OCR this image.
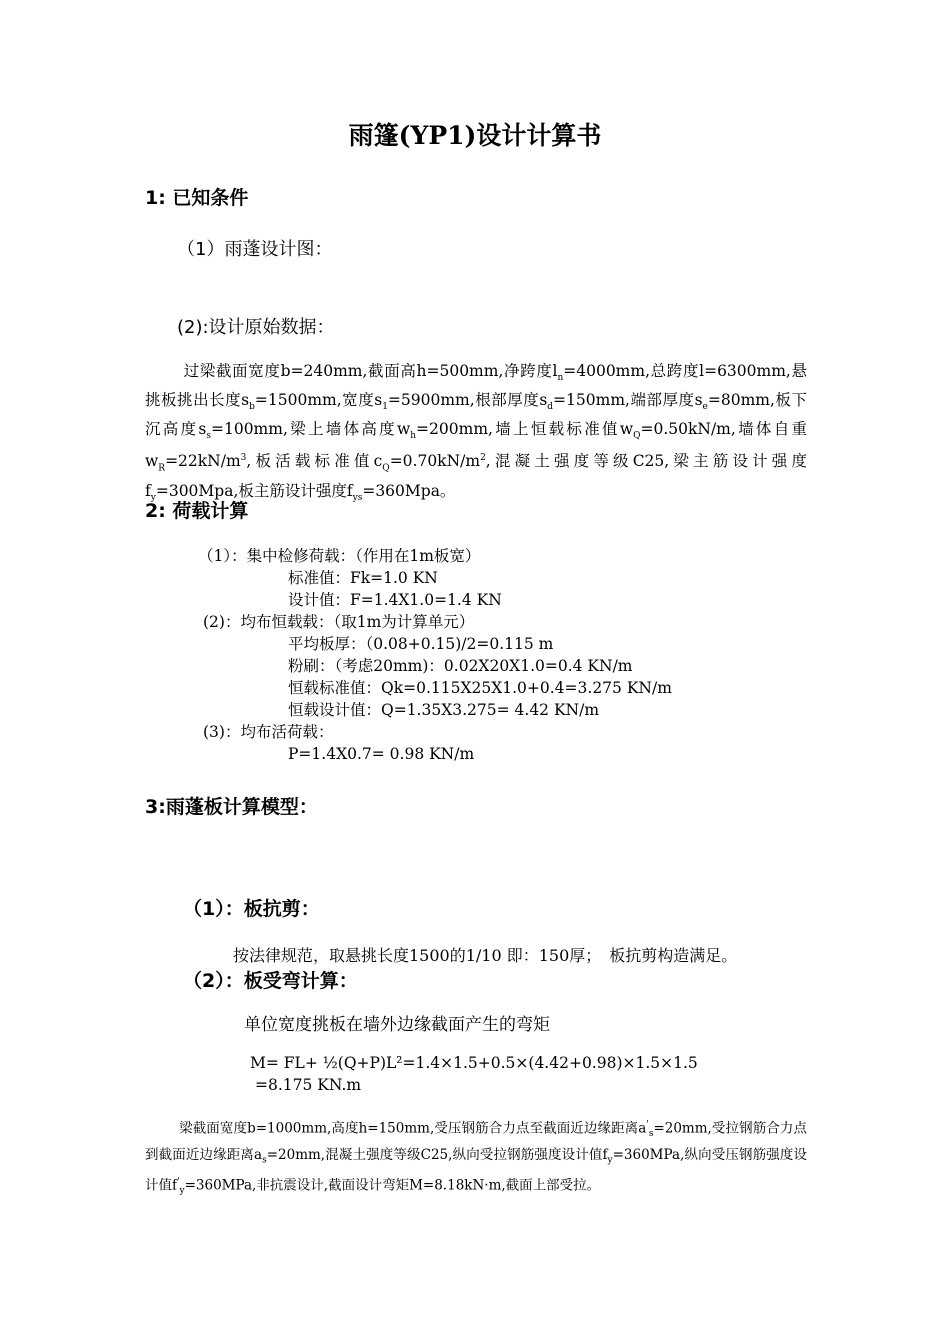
雨篷(YP1)设计计算书
1: 已知条件
（1）雨蓬设计图：
(2):设计原始数据：

过梁截面宽度b=240mm,截面高h=500mm,净跨度$l_n=4000mm$,总跨度l=6300mm,悬挑板挑出长度$s_b=1500mm$,宽度$s_1=5900mm$,根部厚度$s_d=150mm$,端部厚度$s_e=80mm$,板下沉高度$s_s=100mm$,梁上墙体高度$w_h=200mm$,墙上恒载标准值$w_Q=0.50kN/m$,墙体自重$w_R=22kN/m^3$,板活载标准值$c_Q=0.70kN/m^2$,混凝土强度等级C25,梁主筋设计强度$f_y=300Mpa$,板主筋设计强度$f_{ys}=360Mpa$。

2: 荷载计算
（1）：集中检修荷载：（作用在1m板宽）
标准值：Fk=1.0 KN
设计值：F=1.4X1.0=1.4 KN
(2)：均布恒载载：（取1m为计算单元）
平均板厚：（0.08+0.15)/2=0.115 m
粉刷：（考虑20mm)：0.02X20X1.0=0.4 KN/m
恒载标准值：Qk=0.115X25X1.0+0.4=3.275 KN/m
恒载设计值：Q=1.35X3.275= 4.42 KN/m
(3)：均布活荷载：
P=1.4X0.7= 0.98 KN/m
3:雨蓬板计算模型：
（1）：板抗剪：
按法律规范，取悬挑长度1500的1/10 即：150厚；　板抗剪构造满足。
（2）：板受弯计算：
单位宽度挑板在墙外边缘截面产生的弯矩
M= FL+ ½(Q+P)L²=1.4×1.5+0.5×(4.42+0.98)×1.5×1.5
=8.175 KN.m

梁截面宽度b=1000mm,高度h=150mm,受压钢筋合力点至截面近边缘距离$a'_s=20mm$,受拉钢筋合力点到截面近边缘距离$a_s=20mm$,混凝土强度等级C25,纵向受拉钢筋强度设计值$f_y=360MPa$,纵向受压钢筋强度设计值$f'_y=360MPa$,非抗震设计,截面设计弯矩M=8.18kN·m,截面上部受拉。
